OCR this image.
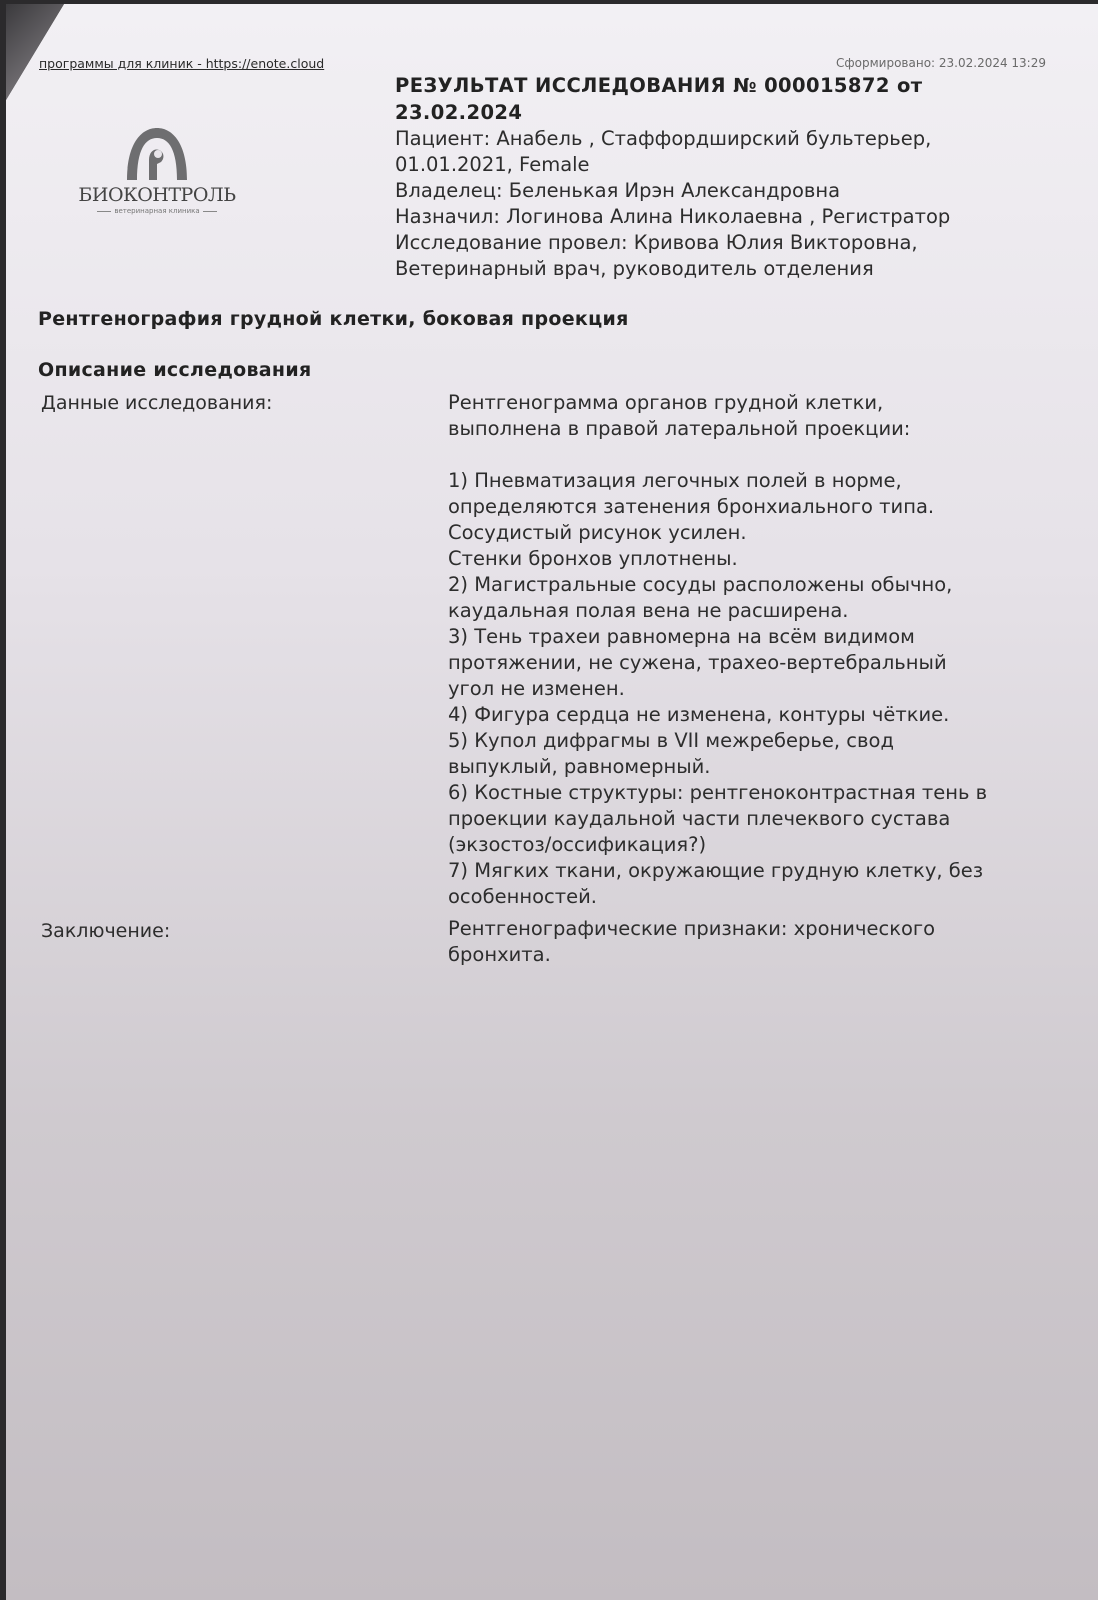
программы для клиник - https://enote.cloud	Сформировано: 23.02.2024 13:29
БИОКОНТРОЛЬ
ветеринарная клиника
РЕЗУЛЬТАТ ИССЛЕДОВАНИЯ № 000015872 от
23.02.2024
Пациент: Анабель , Стаффордширский бультерьер,
01.01.2021, Female
Владелец: Беленькая Ирэн Александровна
Назначил: Логинова Алина Николаевна , Регистратор
Исследование провел: Кривова Юлия Викторовна,
Ветеринарный врач, руководитель отделения
Рентгенография грудной клетки, боковая проекция
Описание исследования
Данные исследования:	Рентгенограмма органов грудной клетки,
выполнена в правой латеральной проекции:
1) Пневматизация легочных полей в норме,
определяются затенения бронхиального типа.
Сосудистый рисунок усилен.
Стенки бронхов уплотнены.
2) Магистральные сосуды расположены обычно,
каудальная полая вена не расширена.
3) Тень трахеи равномерна на всём видимом
протяжении, не сужена, трахео-вертебральный
угол не изменен.
4) Фигура сердца не изменена, контуры чёткие.
5) Купол дифрагмы в VII межреберье, свод
выпуклый, равномерный.
6) Костные структуры: рентгеноконтрастная тень в
проекции каудальной части плечеквого сустава
(экзостоз/оссификация?)
7) Мягких ткани, окружающие грудную клетку, без
особенностей.
Заключение:	Рентгенографические признаки: хронического
бронхита.
